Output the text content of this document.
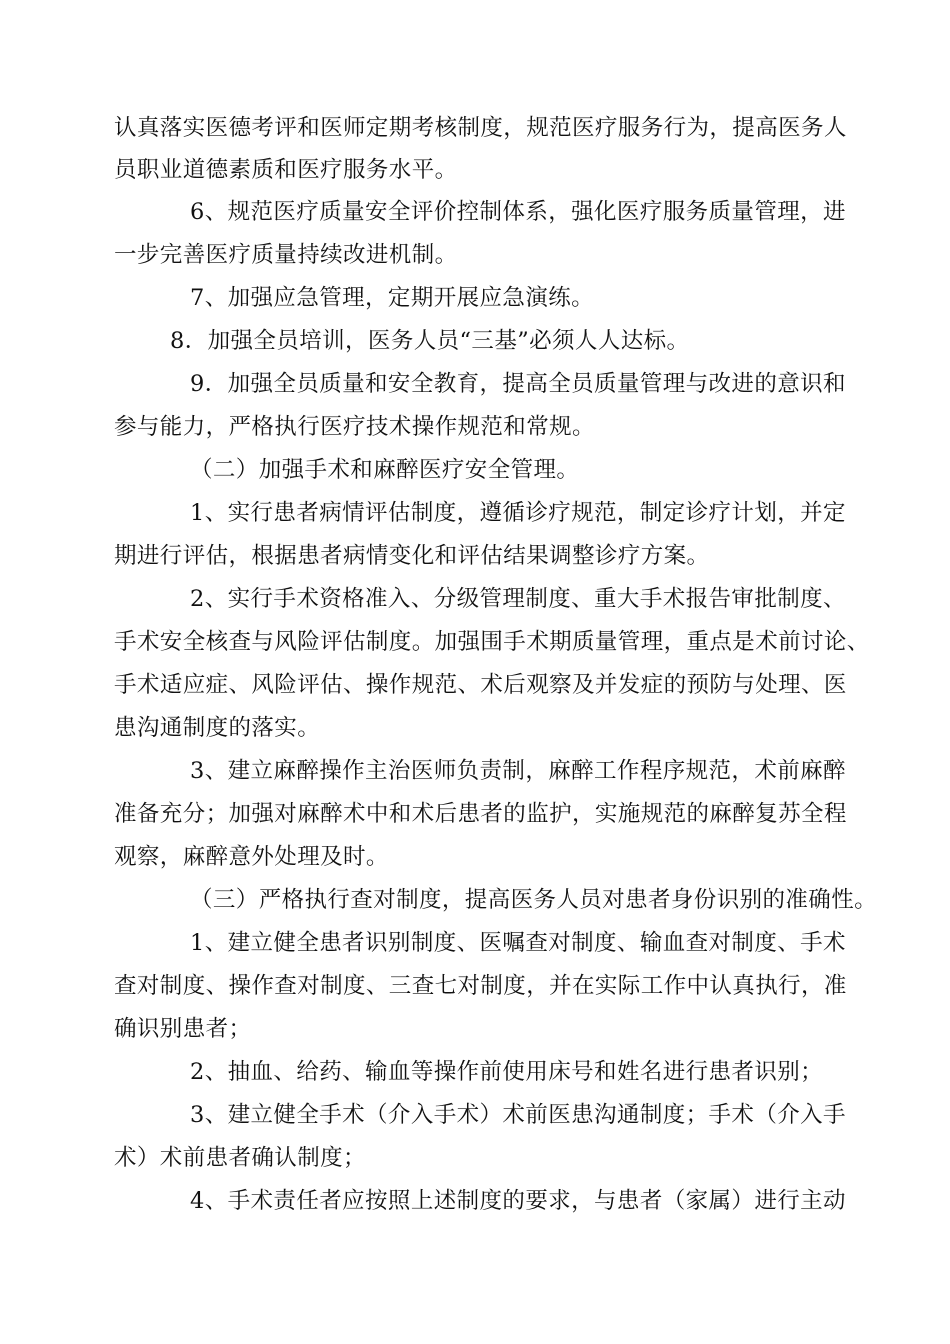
认真落实医德考评和医师定期考核制度，规范医疗服务行为，提高医务人
员职业道德素质和医疗服务水平。
6、规范医疗质量安全评价控制体系，强化医疗服务质量管理，进
一步完善医疗质量持续改进机制。
7、加强应急管理，定期开展应急演练。
8．加强全员培训，医务人员“三基”必须人人达标。
9．加强全员质量和安全教育，提高全员质量管理与改进的意识和
参与能力，严格执行医疗技术操作规范和常规。
（二）加强手术和麻醉医疗安全管理。
1、实行患者病情评估制度，遵循诊疗规范，制定诊疗计划，并定
期进行评估，根据患者病情变化和评估结果调整诊疗方案。
2、实行手术资格准入、分级管理制度、重大手术报告审批制度、
手术安全核查与风险评估制度。加强围手术期质量管理，重点是术前讨论、
手术适应症、风险评估、操作规范、术后观察及并发症的预防与处理、医
患沟通制度的落实。
3、建立麻醉操作主治医师负责制，麻醉工作程序规范，术前麻醉
准备充分；加强对麻醉术中和术后患者的监护，实施规范的麻醉复苏全程
观察，麻醉意外处理及时。
（三）严格执行查对制度，提高医务人员对患者身份识别的准确性。
1、建立健全患者识别制度、医嘱查对制度、输血查对制度、手术
查对制度、操作查对制度、三查七对制度，并在实际工作中认真执行，准
确识别患者；
2、抽血、给药、输血等操作前使用床号和姓名进行患者识别；
3、建立健全手术（介入手术）术前医患沟通制度；手术（介入手
术）术前患者确认制度；
4、手术责任者应按照上述制度的要求，与患者（家属）进行主动
